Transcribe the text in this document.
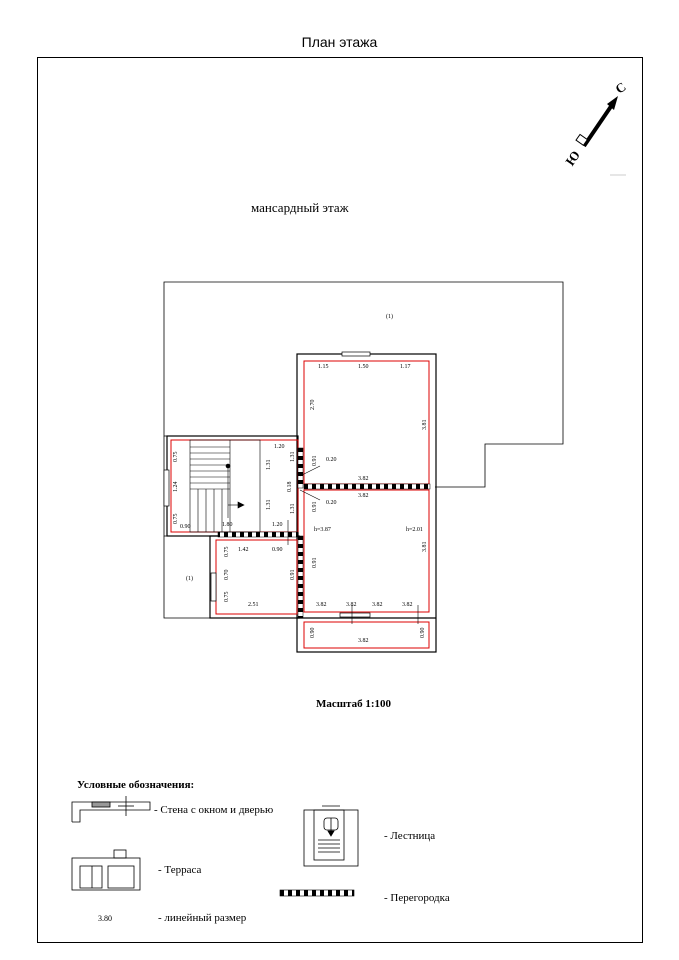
План этажа
мансардный этаж
С
Ю
1.15	1.50	1.17
2.70
3.81
3.81
1.20
1.31
1.31
1.31	1.31
0.91
0.91
0.91
0.91
0.20
0.20
0.18
3.82
3.82
0.75
1.24
0.75
0.90	1.80	1.20
h=3.87	h=2.01
1.42	0.90
0.75
0.70
0.75
2.51	3.82	3.82	3.82	3.82
0.90	0.90
3.82
(1)
(1)
Масштаб 1:100
Условные обозначения:
- Стена с окном и дверью
- Лестница
- Терраса
- Перегородка
3.80	- линейный размер
